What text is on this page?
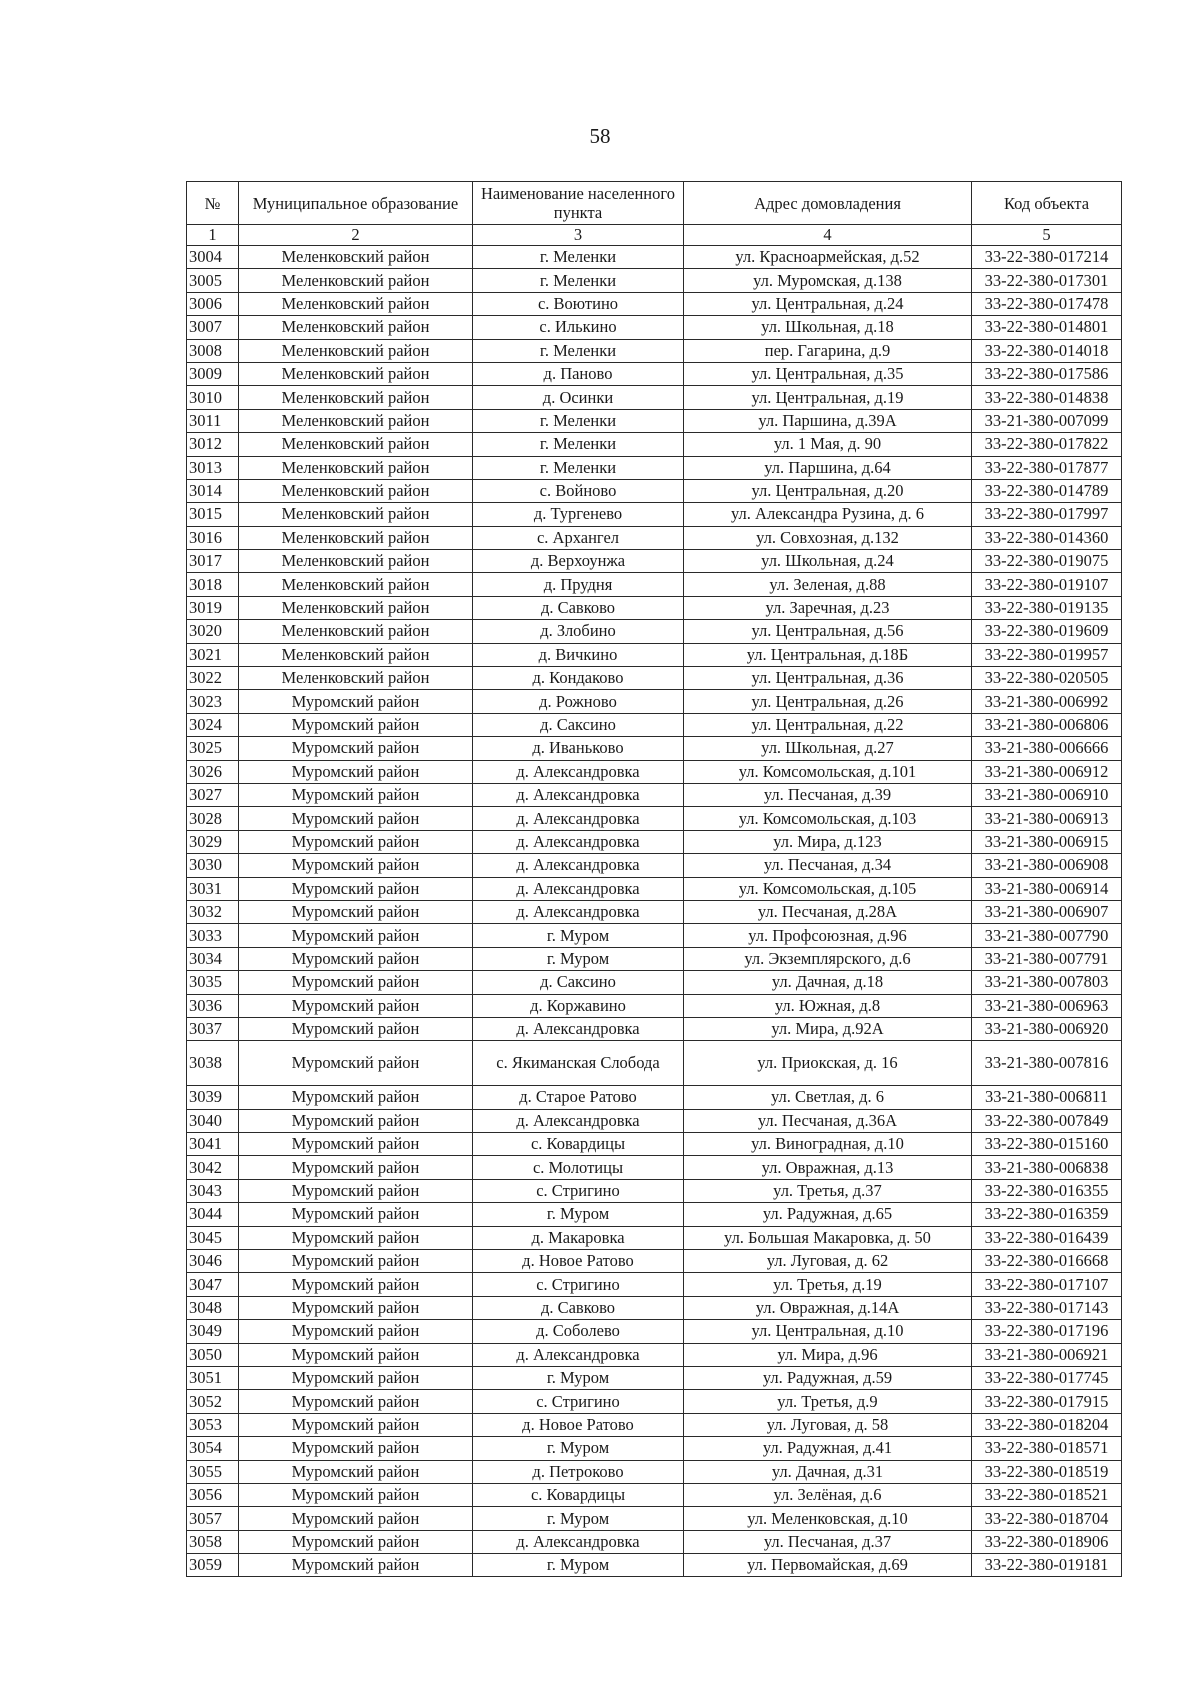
58
№	Муниципальное образование	Наименование населенного пункта	Адрес домовладения	Код объекта
1	2	3	4	5
3004	Меленковский район	г. Меленки	ул. Красноармейская, д.52	33-22-380-017214
3005	Меленковский район	г. Меленки	ул. Муромская, д.138	33-22-380-017301
3006	Меленковский район	с. Воютино	ул. Центральная, д.24	33-22-380-017478
3007	Меленковский район	с. Илькино	ул. Школьная, д.18	33-22-380-014801
3008	Меленковский район	г. Меленки	пер. Гагарина, д.9	33-22-380-014018
3009	Меленковский район	д. Паново	ул. Центральная, д.35	33-22-380-017586
3010	Меленковский район	д. Осинки	ул. Центральная, д.19	33-22-380-014838
3011	Меленковский район	г. Меленки	ул. Паршина, д.39А	33-21-380-007099
3012	Меленковский район	г. Меленки	ул. 1 Мая, д. 90	33-22-380-017822
3013	Меленковский район	г. Меленки	ул. Паршина, д.64	33-22-380-017877
3014	Меленковский район	с. Войново	ул. Центральная, д.20	33-22-380-014789
3015	Меленковский район	д. Тургенево	ул. Александра Рузина, д. 6	33-22-380-017997
3016	Меленковский район	с. Архангел	ул. Совхозная, д.132	33-22-380-014360
3017	Меленковский район	д. Верхоунжа	ул. Школьная, д.24	33-22-380-019075
3018	Меленковский район	д. Прудня	ул. Зеленая, д.88	33-22-380-019107
3019	Меленковский район	д. Савково	ул. Заречная, д.23	33-22-380-019135
3020	Меленковский район	д. Злобино	ул. Центральная, д.56	33-22-380-019609
3021	Меленковский район	д. Вичкино	ул. Центральная, д.18Б	33-22-380-019957
3022	Меленковский район	д. Кондаково	ул. Центральная, д.36	33-22-380-020505
3023	Муромский район	д. Рожново	ул. Центральная, д.26	33-21-380-006992
3024	Муромский район	д. Саксино	ул. Центральная, д.22	33-21-380-006806
3025	Муромский район	д. Иваньково	ул. Школьная, д.27	33-21-380-006666
3026	Муромский район	д. Александровка	ул. Комсомольская, д.101	33-21-380-006912
3027	Муромский район	д. Александровка	ул. Песчаная, д.39	33-21-380-006910
3028	Муромский район	д. Александровка	ул. Комсомольская, д.103	33-21-380-006913
3029	Муромский район	д. Александровка	ул. Мира, д.123	33-21-380-006915
3030	Муромский район	д. Александровка	ул. Песчаная, д.34	33-21-380-006908
3031	Муромский район	д. Александровка	ул. Комсомольская, д.105	33-21-380-006914
3032	Муромский район	д. Александровка	ул. Песчаная, д.28А	33-21-380-006907
3033	Муромский район	г. Муром	ул. Профсоюзная, д.96	33-21-380-007790
3034	Муромский район	г. Муром	ул. Экземплярского, д.6	33-21-380-007791
3035	Муромский район	д. Саксино	ул. Дачная, д.18	33-21-380-007803
3036	Муромский район	д. Коржавино	ул. Южная, д.8	33-21-380-006963
3037	Муромский район	д. Александровка	ул. Мира, д.92А	33-21-380-006920
3038	Муромский район	с. Якиманская Слобода	ул. Приокская, д. 16	33-21-380-007816
3039	Муромский район	д. Старое Ратово	ул. Светлая, д. 6	33-21-380-006811
3040	Муромский район	д. Александровка	ул. Песчаная, д.36А	33-22-380-007849
3041	Муромский район	с. Ковардицы	ул. Виноградная, д.10	33-22-380-015160
3042	Муромский район	с. Молотицы	ул. Овражная, д.13	33-21-380-006838
3043	Муромский район	с. Стригино	ул. Третья, д.37	33-22-380-016355
3044	Муромский район	г. Муром	ул. Радужная, д.65	33-22-380-016359
3045	Муромский район	д. Макаровка	ул. Большая Макаровка, д. 50	33-22-380-016439
3046	Муромский район	д. Новое Ратово	ул. Луговая, д. 62	33-22-380-016668
3047	Муромский район	с. Стригино	ул. Третья, д.19	33-22-380-017107
3048	Муромский район	д. Савково	ул. Овражная, д.14А	33-22-380-017143
3049	Муромский район	д. Соболево	ул. Центральная, д.10	33-22-380-017196
3050	Муромский район	д. Александровка	ул. Мира, д.96	33-21-380-006921
3051	Муромский район	г. Муром	ул. Радужная, д.59	33-22-380-017745
3052	Муромский район	с. Стригино	ул. Третья, д.9	33-22-380-017915
3053	Муромский район	д. Новое Ратово	ул. Луговая, д. 58	33-22-380-018204
3054	Муромский район	г. Муром	ул. Радужная, д.41	33-22-380-018571
3055	Муромский район	д. Петроково	ул. Дачная, д.31	33-22-380-018519
3056	Муромский район	с. Ковардицы	ул. Зелёная, д.6	33-22-380-018521
3057	Муромский район	г. Муром	ул. Меленковская, д.10	33-22-380-018704
3058	Муромский район	д. Александровка	ул. Песчаная, д.37	33-22-380-018906
3059	Муромский район	г. Муром	ул. Первомайская, д.69	33-22-380-019181
